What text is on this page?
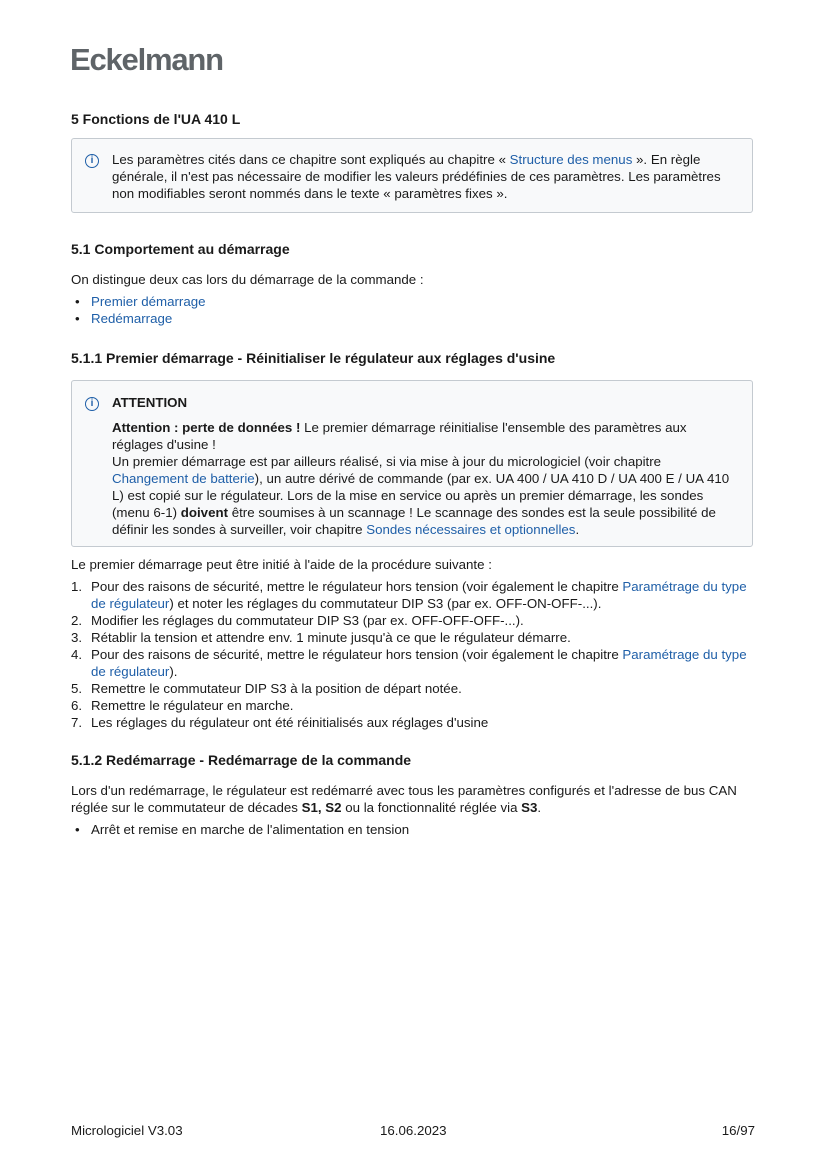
Eckelmann
5 Fonctions de l'UA 410 L
i	Les paramètres cités dans ce chapitre sont expliqués au chapitre « Structure des menus ». En règle générale, il n'est pas nécessaire de modifier les valeurs prédéfinies de ces paramètres. Les paramètres non modifiables seront nommés dans le texte « paramètres fixes ».
5.1 Comportement au démarrage
On distingue deux cas lors du démarrage de la commande :
• Premier démarrage
• Redémarrage
5.1.1 Premier démarrage - Réinitialiser le régulateur aux réglages d'usine
i	ATTENTION
Attention : perte de données ! Le premier démarrage réinitialise l'ensemble des paramètres aux réglages d'usine !
Un premier démarrage est par ailleurs réalisé, si via mise à jour du micrologiciel (voir chapitre Changement de batterie), un autre dérivé de commande (par ex. UA 400 / UA 410 D / UA 400 E / UA 410 L) est copié sur le régulateur. Lors de la mise en service ou après un premier démarrage, les sondes (menu 6-1) doivent être soumises à un scannage ! Le scannage des sondes est la seule possibilité de définir les sondes à surveiller, voir chapitre Sondes nécessaires et optionnelles.
Le premier démarrage peut être initié à l'aide de la procédure suivante :
1. Pour des raisons de sécurité, mettre le régulateur hors tension (voir également le chapitre Paramétrage du type de régulateur) et noter les réglages du commutateur DIP S3 (par ex. OFF-ON-OFF-...).
2. Modifier les réglages du commutateur DIP S3 (par ex. OFF-OFF-OFF-...).
3. Rétablir la tension et attendre env. 1 minute jusqu'à ce que le régulateur démarre.
4. Pour des raisons de sécurité, mettre le régulateur hors tension (voir également le chapitre Paramétrage du type de régulateur).
5. Remettre le commutateur DIP S3 à la position de départ notée.
6. Remettre le régulateur en marche.
7. Les réglages du régulateur ont été réinitialisés aux réglages d'usine
5.1.2 Redémarrage - Redémarrage de la commande
Lors d'un redémarrage, le régulateur est redémarré avec tous les paramètres configurés et l'adresse de bus CAN réglée sur le commutateur de décades S1, S2 ou la fonctionnalité réglée via S3.
• Arrêt et remise en marche de l'alimentation en tension
Micrologiciel V3.03	16.06.2023	16/97
